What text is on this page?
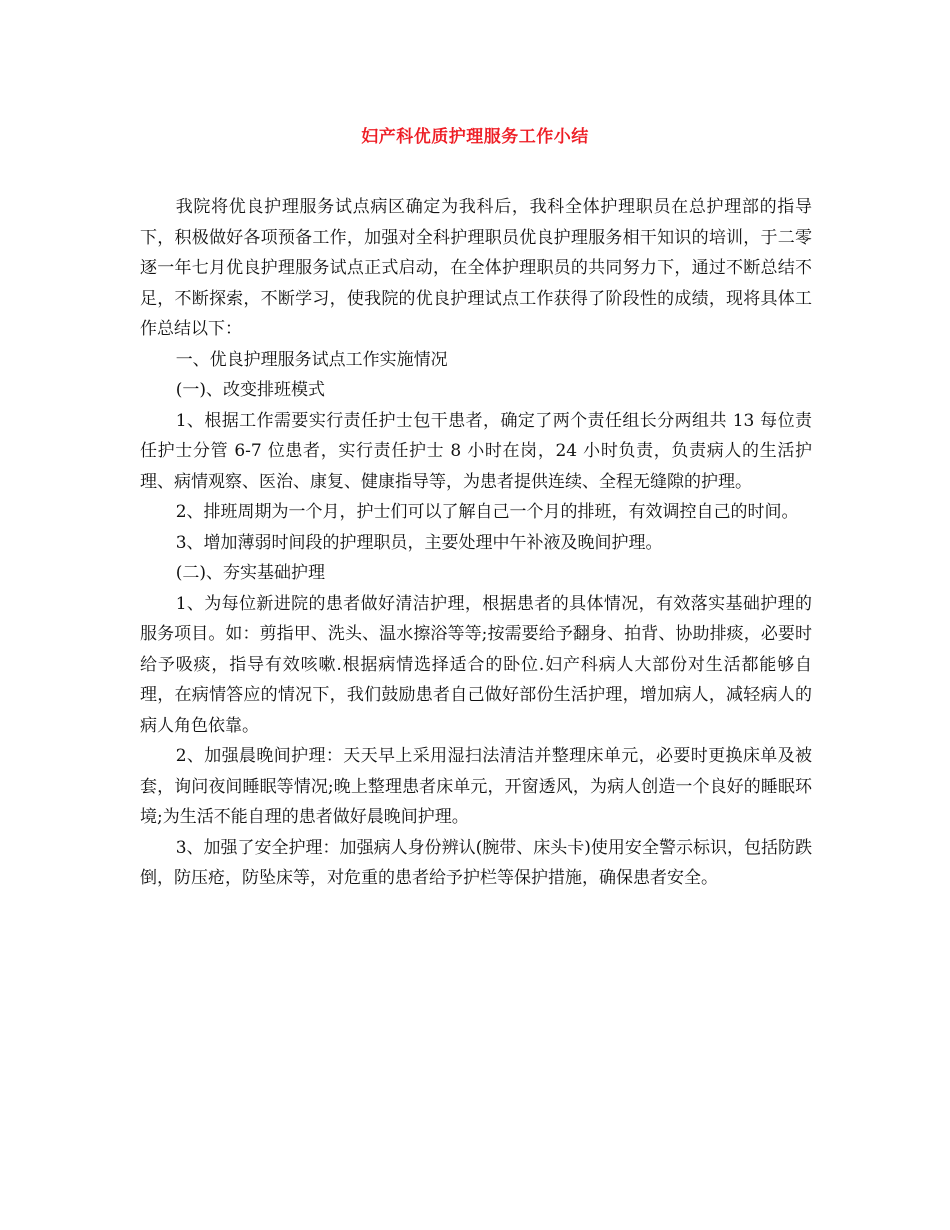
妇产科优质护理服务工作小结

我院将优良护理服务试点病区确定为我科后，我科全体护理职员在总护理部的指导下，积极做好各项预备工作，加强对全科护理职员优良护理服务相干知识的培训，于二零逐一年七月优良护理服务试点正式启动，在全体护理职员的共同努力下，通过不断总结不足，不断探索，不断学习，使我院的优良护理试点工作获得了阶段性的成绩，现将具体工作总结以下：

一、优良护理服务试点工作实施情况

(一)、改变排班模式

1、根据工作需要实行责任护士包干患者，确定了两个责任组长分两组共 13 每位责任护士分管 6-7 位患者，实行责任护士 8 小时在岗，24 小时负责，负责病人的生活护理、病情观察、医治、康复、健康指导等，为患者提供连续、全程无缝隙的护理。

2、排班周期为一个月，护士们可以了解自己一个月的排班，有效调控自己的时间。

3、增加薄弱时间段的护理职员，主要处理中午补液及晚间护理。

(二)、夯实基础护理

1、为每位新进院的患者做好清洁护理，根据患者的具体情况，有效落实基础护理的服务项目。如：剪指甲、洗头、温水擦浴等等;按需要给予翻身、拍背、协助排痰，必要时给予吸痰，指导有效咳嗽.根据病情选择适合的卧位.妇产科病人大部份对生活都能够自理，在病情答应的情况下，我们鼓励患者自己做好部份生活护理，增加病人，减轻病人的病人角色依靠。

2、加强晨晚间护理：天天早上采用湿扫法清洁并整理床单元，必要时更换床单及被套，询问夜间睡眠等情况;晚上整理患者床单元，开窗透风，为病人创造一个良好的睡眠环境;为生活不能自理的患者做好晨晚间护理。

3、加强了安全护理：加强病人身份辨认(腕带、床头卡)使用安全警示标识，包括防跌倒，防压疮，防坠床等，对危重的患者给予护栏等保护措施，确保患者安全。
